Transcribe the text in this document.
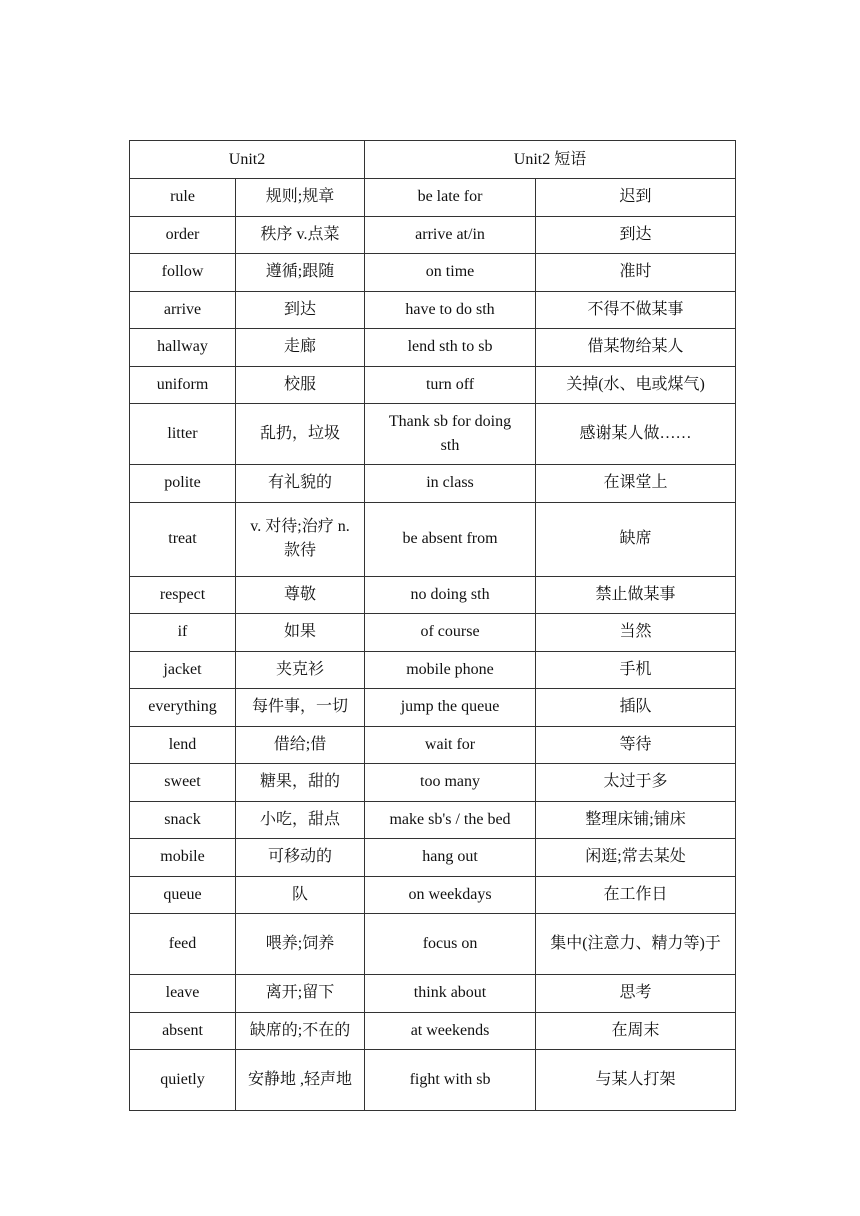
Unit2		Unit2 短语	
rule	规则;规章	be late for	迟到
order	秩序 v.点菜	arrive at/in	到达
follow	遵循;跟随	on time	准时
arrive	到达	have to do sth	不得不做某事
hallway	走廊	lend sth to sb	借某物给某人
uniform	校服	turn off	关掉(水、电或煤气)
litter	乱扔，垃圾	Thank sb for doing sth	感谢某人做……
polite	有礼貌的	in class	在课堂上
treat	v. 对待;治疗 n.款待	be absent from	缺席
respect	尊敬	no doing sth	禁止做某事
if	如果	of course	当然
jacket	夹克衫	mobile phone	手机
everything	每件事，一切	jump the queue	插队
lend	借给;借	wait for	等待
sweet	糖果，甜的	too many	太过于多
snack	小吃，甜点	make sb's / the bed	整理床铺;铺床
mobile	可移动的	hang out	闲逛;常去某处
queue	队	on weekdays	在工作日
feed	喂养;饲养	focus on	集中(注意力、精力等)于
leave	离开;留下	think about	思考
absent	缺席的;不在的	at weekends	在周末
quietly	安静地 ,轻声地	fight with sb	与某人打架
